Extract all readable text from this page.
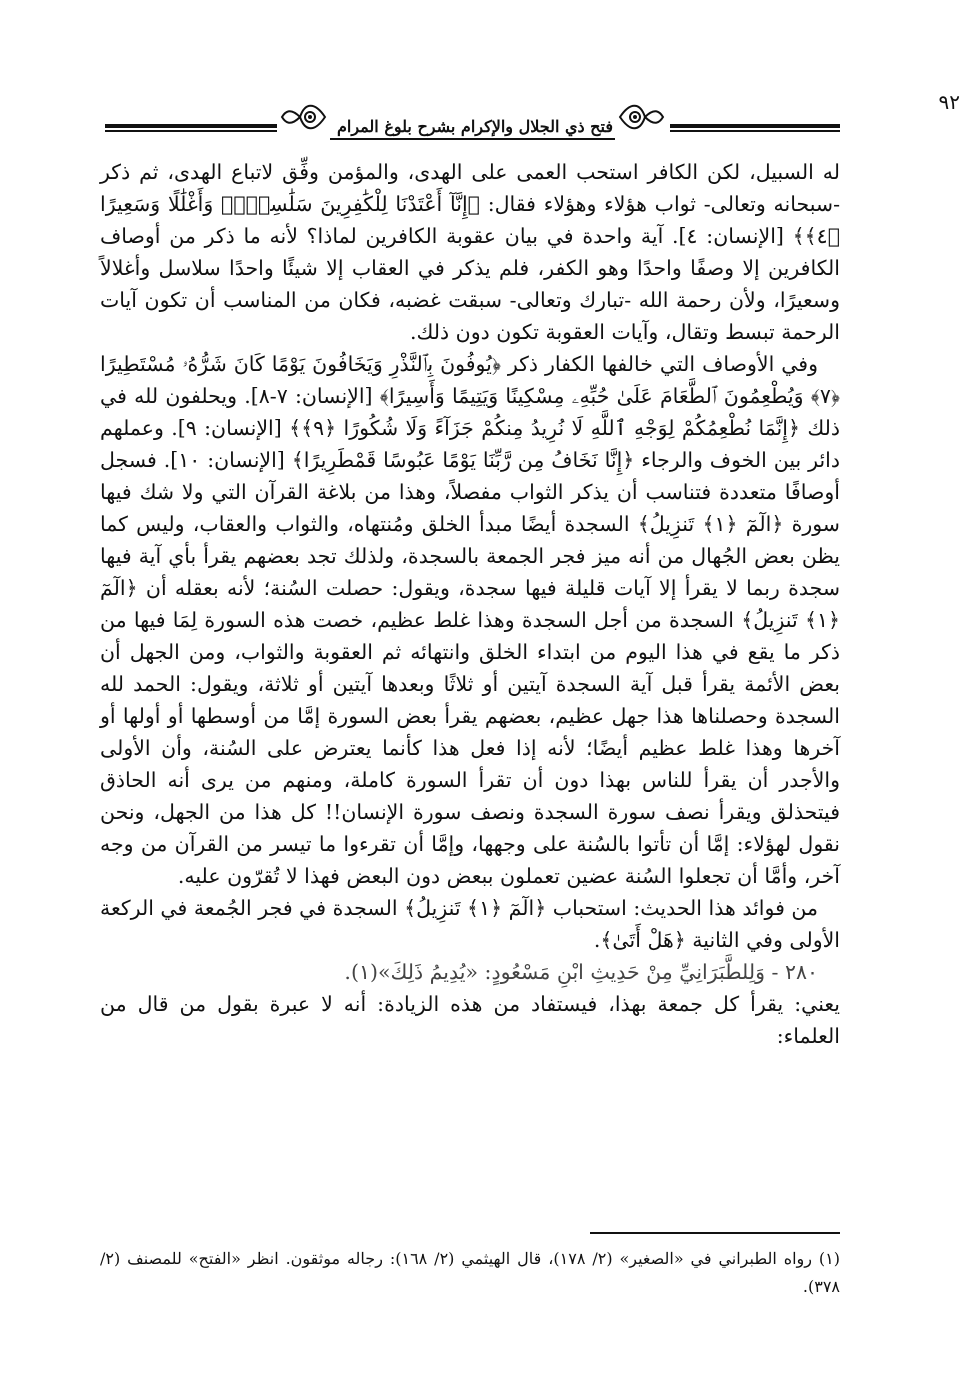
٩٢
فتح ذي الجلال والإكرام بشرح بلوغ المرام

له السبيل، لكن الكافر استحب العمى على الهدى، والمؤمن وفِّق لاتباع الهدى، ثم ذكر -سبحانه وتعالى- ثواب هؤلاء وهؤلاء فقال: ﴿إِنَّآ أَعْتَدْنَا لِلْكَٰفِرِينَ سَلَٰسِلَا۟ وَأَغْلَٰلًا وَسَعِيرًا ﴿٤﴾﴾ [الإنسان: ٤]. آية واحدة في بيان عقوبة الكافرين لماذا؟ لأنه ما ذكر من أوصاف الكافرين إلا وصفًا واحدًا وهو الكفر، فلم يذكر في العقاب إلا شيئًا واحدًا سلاسل وأغلالاً وسعيرًا، ولأن رحمة الله -تبارك وتعالى- سبقت غضبه، فكان من المناسب أن تكون آيات الرحمة تبسط وتقال، وآيات العقوبة تكون دون ذلك.

وفي الأوصاف التي خالفها الكفار ذكر ﴿يُوفُونَ بِٱلنَّذْرِ وَيَخَافُونَ يَوْمًا كَانَ شَرُّهُۥ مُسْتَطِيرًا ﴿٧﴾ وَيُطْعِمُونَ ٱلطَّعَامَ عَلَىٰ حُبِّهِۦ مِسْكِينًا وَيَتِيمًا وَأَسِيرًا﴾ [الإنسان: ٧-٨]. ويحلفون لله في ذلك ﴿إِنَّمَا نُطْعِمُكُمْ لِوَجْهِ ٱللَّهِ لَا نُرِيدُ مِنكُمْ جَزَآءً وَلَا شُكُورًا ﴿٩﴾﴾ [الإنسان: ٩]. وعملهم دائر بين الخوف والرجاء ﴿إِنَّا نَخَافُ مِن رَّبِّنَا يَوْمًا عَبُوسًا قَمْطَرِيرًا﴾ [الإنسان: ١٠]. فسجل أوصافًا متعددة فتناسب أن يذكر الثواب مفصلاً، وهذا من بلاغة القرآن التي ولا شك فيها سورة ﴿الٓمٓ ﴿١﴾ تَنزِيلُ﴾ السجدة أيضًا مبدأ الخلق ومُنتهاه، والثواب والعقاب، وليس كما يظن بعض الجُهال من أنه ميز فجر الجمعة بالسجدة، ولذلك تجد بعضهم يقرأ بأي آية فيها سجدة ربما لا يقرأ إلا آيات قليلة فيها سجدة، ويقول: حصلت السُنة؛ لأنه بعقله أن ﴿الٓمٓ ﴿١﴾ تَنزِيلُ﴾ السجدة من أجل السجدة وهذا غلط عظيم، خصت هذه السورة لِمَا فيها من ذكر ما يقع في هذا اليوم من ابتداء الخلق وانتهائه ثم العقوبة والثواب، ومن الجهل أن بعض الأئمة يقرأ قبل آية السجدة آيتين أو ثلاثًا وبعدها آيتين أو ثلاثة، ويقول: الحمد لله السجدة وحصلناها هذا جهل عظيم، بعضهم يقرأ بعض السورة إمَّا من أوسطها أو أولها أو آخرها وهذا غلط عظيم أيضًا؛ لأنه إذا فعل هذا كأنما يعترض على السُنة، وأن الأولى والأجدر أن يقرأ للناس بهذا دون أن تقرأ السورة كاملة، ومنهم من يرى أنه الحاذق فيتحذلق ويقرأ نصف سورة السجدة ونصف سورة الإنسان!! كل هذا من الجهل، ونحن نقول لهؤلاء: إمَّا أن تأتوا بالسُنة على وجهها، وإمَّا أن تقرءوا ما تيسر من القرآن من وجه آخر، وأمَّا أن تجعلوا السُنة عضين تعملون ببعض دون البعض فهذا لا تُقرّون عليه.

من فوائد هذا الحديث: استحباب ﴿الٓمٓ ﴿١﴾ تَنزِيلُ﴾ السجدة في فجر الجُمعة في الركعة الأولى وفي الثانية ﴿هَلْ أَتَىٰ﴾.

٢٨٠ - وَلِلطَّبَرَانِيِّ مِنْ حَدِيثِ ابْنِ مَسْعُودٍ: «يُدِيمُ ذَلِكَ»(١).

يعني: يقرأ كل جمعة بهذا، فيستفاد من هذه الزيادة: أنه لا عبرة بقول من قال من العلماء:

(١) رواه الطبراني في «الصغير» (٢/ ١٧٨)، قال الهيثمي (٢/ ١٦٨): رجاله موثقون. انظر «الفتح» للمصنف (٢/ ٣٧٨).
